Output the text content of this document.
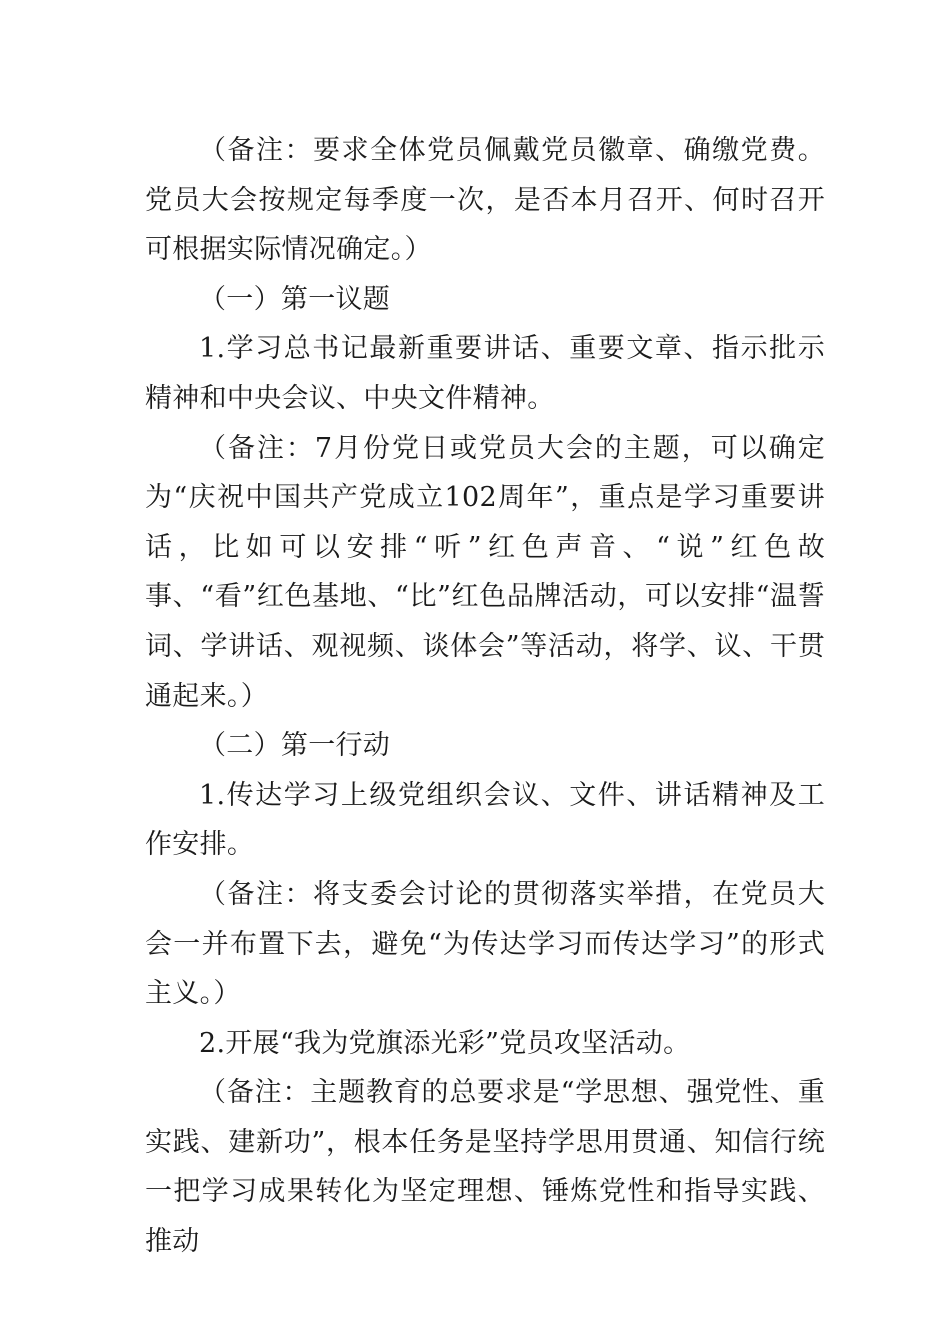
（备注：要求全体党员佩戴党员徽章、确缴党费。党员大会按规定每季度一次，是否本月召开、何时召开可根据实际情况确定。）

（一）第一议题

1.学习总书记最新重要讲话、重要文章、指示批示精神和中央会议、中央文件精神。

（备注：7月份党日或党员大会的主题，可以确定为“庆祝中国共产党成立102周年”，重点是学习重要讲话，比如可以安排“听”红色声音、“说”红色故事、“看”红色基地、“比”红色品牌活动，可以安排“温誓词、学讲话、观视频、谈体会”等活动，将学、议、干贯通起来。）

（二）第一行动

1.传达学习上级党组织会议、文件、讲话精神及工作安排。

（备注：将支委会讨论的贯彻落实举措，在党员大会一并布置下去，避免“为传达学习而传达学习”的形式主义。）

2.开展“我为党旗添光彩”党员攻坚活动。

（备注：主题教育的总要求是“学思想、强党性、重实践、建新功”，根本任务是坚持学思用贯通、知信行统一把学习成果转化为坚定理想、锤炼党性和指导实践、推动
